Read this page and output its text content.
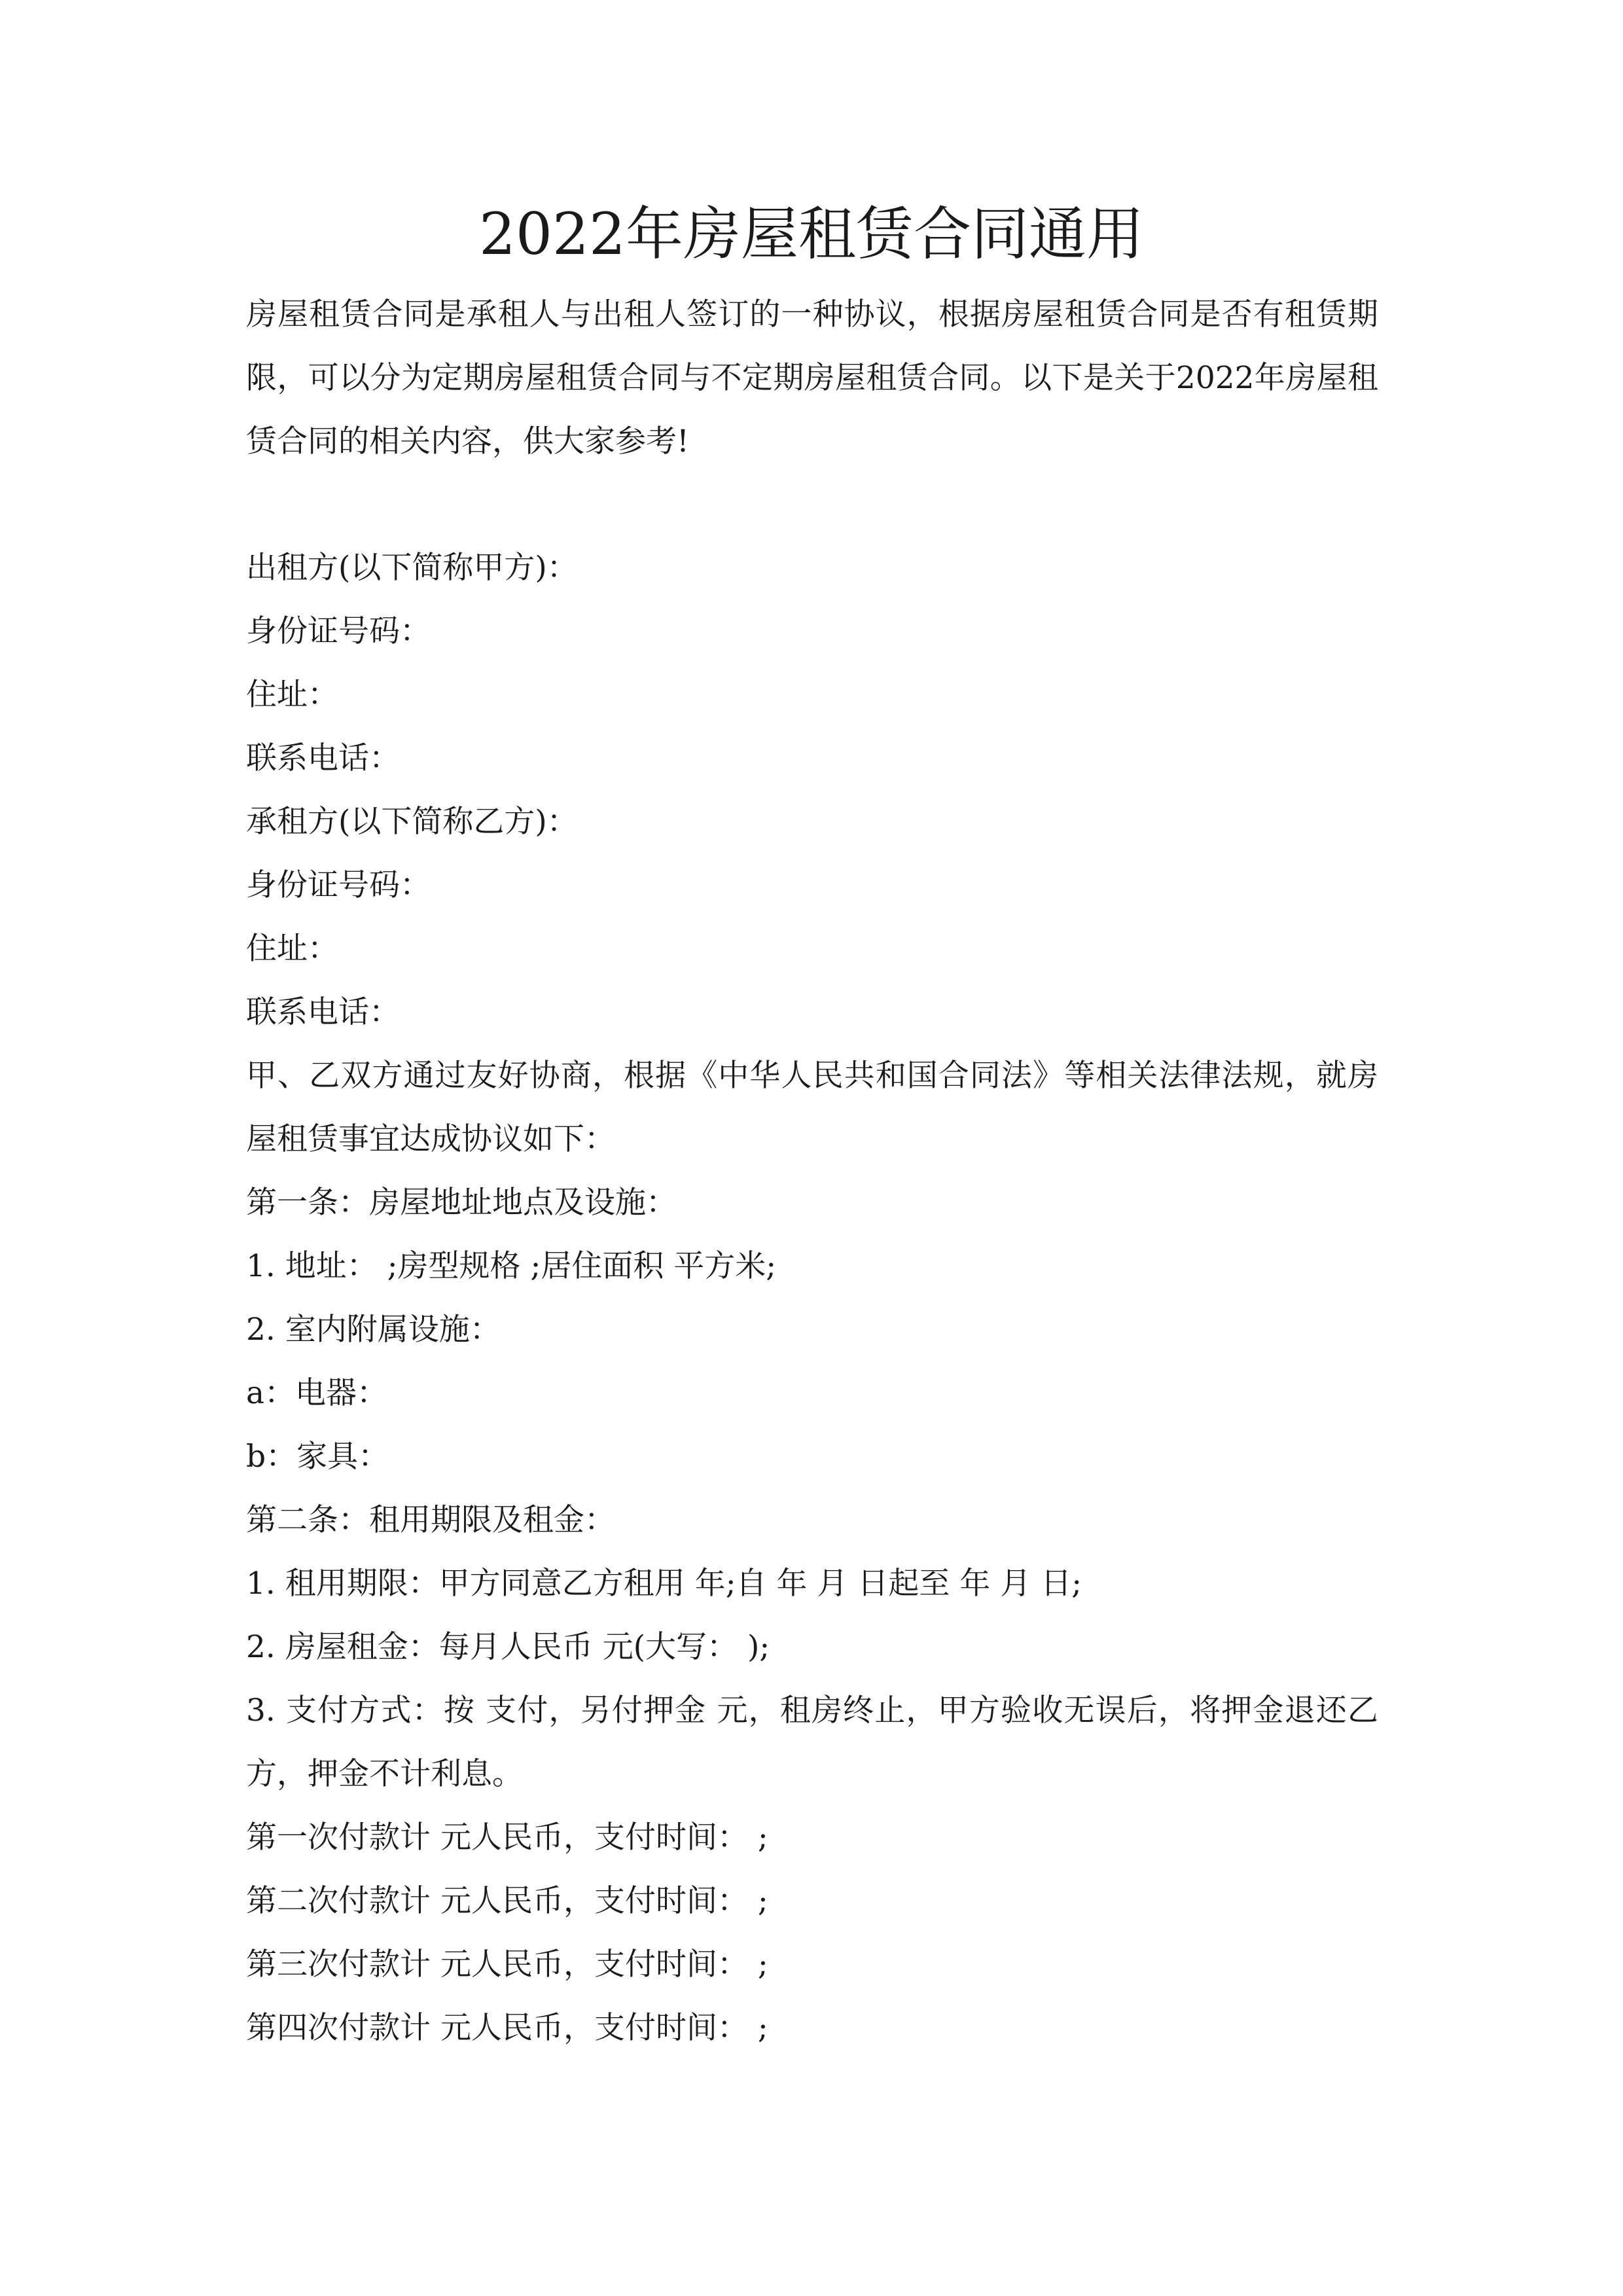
2022年房屋租赁合同通用

房屋租赁合同是承租人与出租人签订的一种协议，根据房屋租赁合同是否有租赁期限，可以分为定期房屋租赁合同与不定期房屋租赁合同。以下是关于2022年房屋租赁合同的相关内容，供大家参考!

出租方(以下简称甲方)：

身份证号码：

住址：

联系电话：

承租方(以下简称乙方)：

身份证号码：

住址：

联系电话：

甲、乙双方通过友好协商，根据《中华人民共和国合同法》等相关法律法规，就房屋租赁事宜达成协议如下：

第一条：房屋地址地点及设施：

1. 地址： ;房型规格 ;居住面积 平方米;

2. 室内附属设施：

a：电器：

b：家具：

第二条：租用期限及租金：

1. 租用期限：甲方同意乙方租用 年;自 年 月 日起至 年 月 日;

2. 房屋租金：每月人民币 元(大写： );

3. 支付方式：按 支付，另付押金 元，租房终止，甲方验收无误后，将押金退还乙方，押金不计利息。

第一次付款计 元人民币，支付时间： ;

第二次付款计 元人民币，支付时间： ;

第三次付款计 元人民币，支付时间： ;

第四次付款计 元人民币，支付时间： ;
